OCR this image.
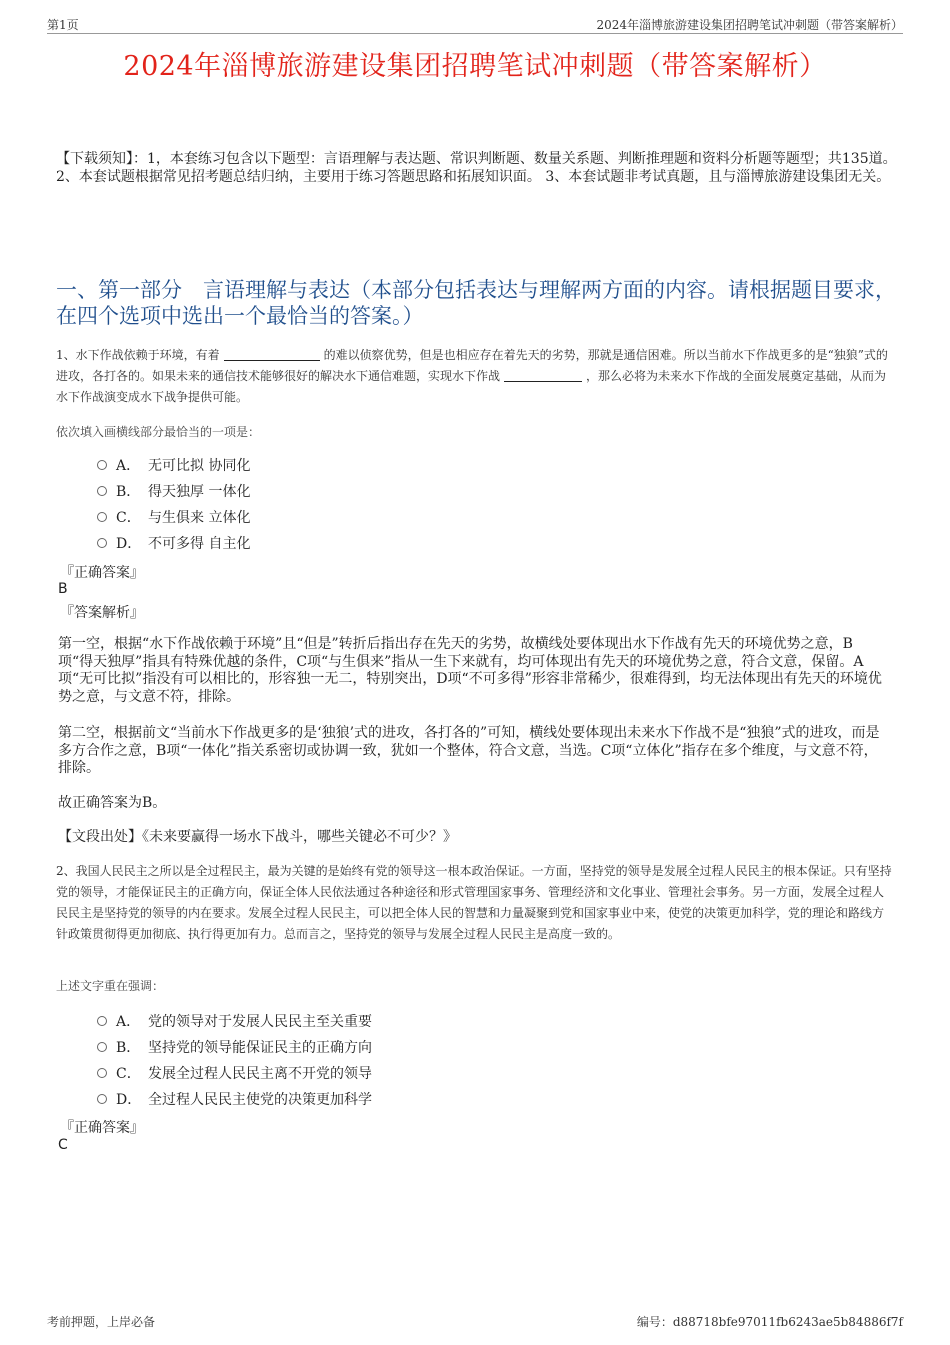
第1页	2024年淄博旅游建设集团招聘笔试冲刺题（带答案解析）
2024年淄博旅游建设集团招聘笔试冲刺题（带答案解析）
【下载须知】：1，本套练习包含以下题型：言语理解与表达题、常识判断题、数量关系题、判断推理题和资料分析题等题型；共135道。 2、本套试题根据常见招考题总结归纳，主要用于练习答题思路和拓展知识面。 3、本套试题非考试真题，且与淄博旅游建设集团无关。
一、第一部分　言语理解与表达（本部分包括表达与理解两方面的内容。请根据题目要求，在四个选项中选出一个最恰当的答案。）
1、水下作战依赖于环境，有着	的难以侦察优势，但是也相应存在着先天的劣势，那就是通信困难。所以当前水下作战更多的是“独狼”式的进攻，各打各的。如果未来的通信技术能够很好的解决水下通信难题，实现水下作战	，那么必将为未来水下作战的全面发展奠定基础，从而为水下作战演变成水下战争提供可能。
依次填入画横线部分最恰当的一项是：
A． 无可比拟 协同化
B． 得天独厚 一体化
C． 与生俱来 立体化
D． 不可多得 自主化
『正确答案』
B
『答案解析』
第一空，根据“水下作战依赖于环境”且“但是”转折后指出存在先天的劣势，故横线处要体现出水下作战有先天的环境优势之意，B项“得天独厚”指具有特殊优越的条件，C项“与生俱来”指从一生下来就有，均可体现出有先天的环境优势之意，符合文意，保留。A项“无可比拟”指没有可以相比的，形容独一无二，特别突出，D项“不可多得”形容非常稀少，很难得到，均无法体现出有先天的环境优势之意，与文意不符，排除。
第二空，根据前文“当前水下作战更多的是‘独狼’式的进攻，各打各的”可知，横线处要体现出未来水下作战不是“独狼”式的进攻，而是多方合作之意，B项“一体化”指关系密切或协调一致，犹如一个整体，符合文意，当选。C项“立体化”指存在多个维度，与文意不符，排除。
故正确答案为B。
【文段出处】《未来要赢得一场水下战斗，哪些关键必不可少？》
2、我国人民民主之所以是全过程民主，最为关键的是始终有党的领导这一根本政治保证。一方面，坚持党的领导是发展全过程人民民主的根本保证。只有坚持党的领导，才能保证民主的正确方向，保证全体人民依法通过各种途径和形式管理国家事务、管理经济和文化事业、管理社会事务。另一方面，发展全过程人民民主是坚持党的领导的内在要求。发展全过程人民民主，可以把全体人民的智慧和力量凝聚到党和国家事业中来，使党的决策更加科学，党的理论和路线方针政策贯彻得更加彻底、执行得更加有力。总而言之，坚持党的领导与发展全过程人民民主是高度一致的。
上述文字重在强调：
A． 党的领导对于发展人民民主至关重要
B． 坚持党的领导能保证民主的正确方向
C． 发展全过程人民民主离不开党的领导
D． 全过程人民民主使党的决策更加科学
『正确答案』
C
考前押题，上岸必备	编号：d88718bfe97011fb6243ae5b84886f7f
